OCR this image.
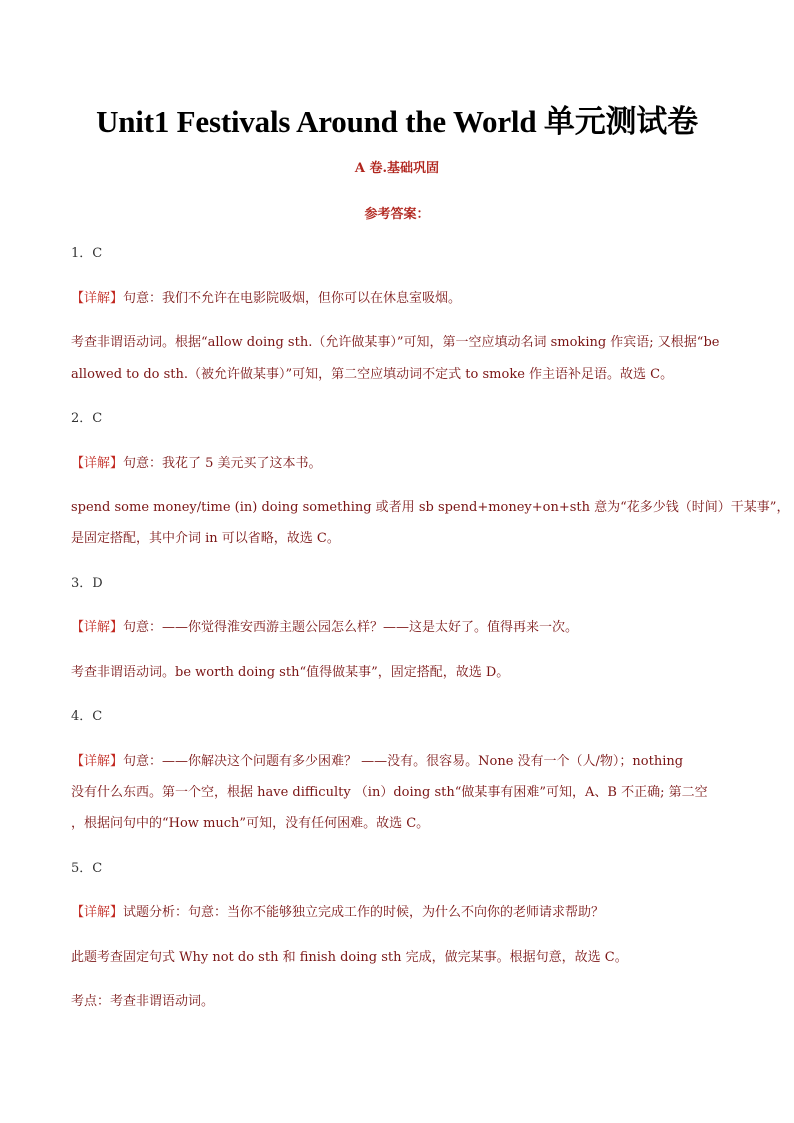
Unit1 Festivals Around the World 单元测试卷
A 卷.基础巩固
参考答案：
1．C
【详解】句意：我们不允许在电影院吸烟，但你可以在休息室吸烟。
考查非谓语动词。根据“allow doing sth.（允许做某事）”可知，第一空应填动名词 smoking 作宾语; 又根据“be
allowed to do sth.（被允许做某事）”可知，第二空应填动词不定式 to smoke 作主语补足语。故选 C。
2．C
【详解】句意：我花了 5 美元买了这本书。
spend some money/time (in) doing something 或者用 sb spend+money+on+sth 意为“花多少钱（时间）干某事”，
是固定搭配，其中介词 in 可以省略，故选 C。
3．D
【详解】句意：——你觉得淮安西游主题公园怎么样？——这是太好了。值得再来一次。
考查非谓语动词。be worth doing sth“值得做某事”，固定搭配，故选 D。
4．C
【详解】句意：——你解决这个问题有多少困难？ ——没有。很容易。None 没有一个（人/物）；nothing
没有什么东西。第一个空，根据 have difficulty （in）doing sth“做某事有困难”可知，A、B 不正确; 第二空
，根据问句中的“How much”可知，没有任何困难。故选 C。
5．C
【详解】试题分析：句意：当你不能够独立完成工作的时候，为什么不向你的老师请求帮助？
此题考查固定句式 Why not do sth 和 finish doing sth 完成，做完某事。根据句意，故选 C。
考点：考查非谓语动词。
